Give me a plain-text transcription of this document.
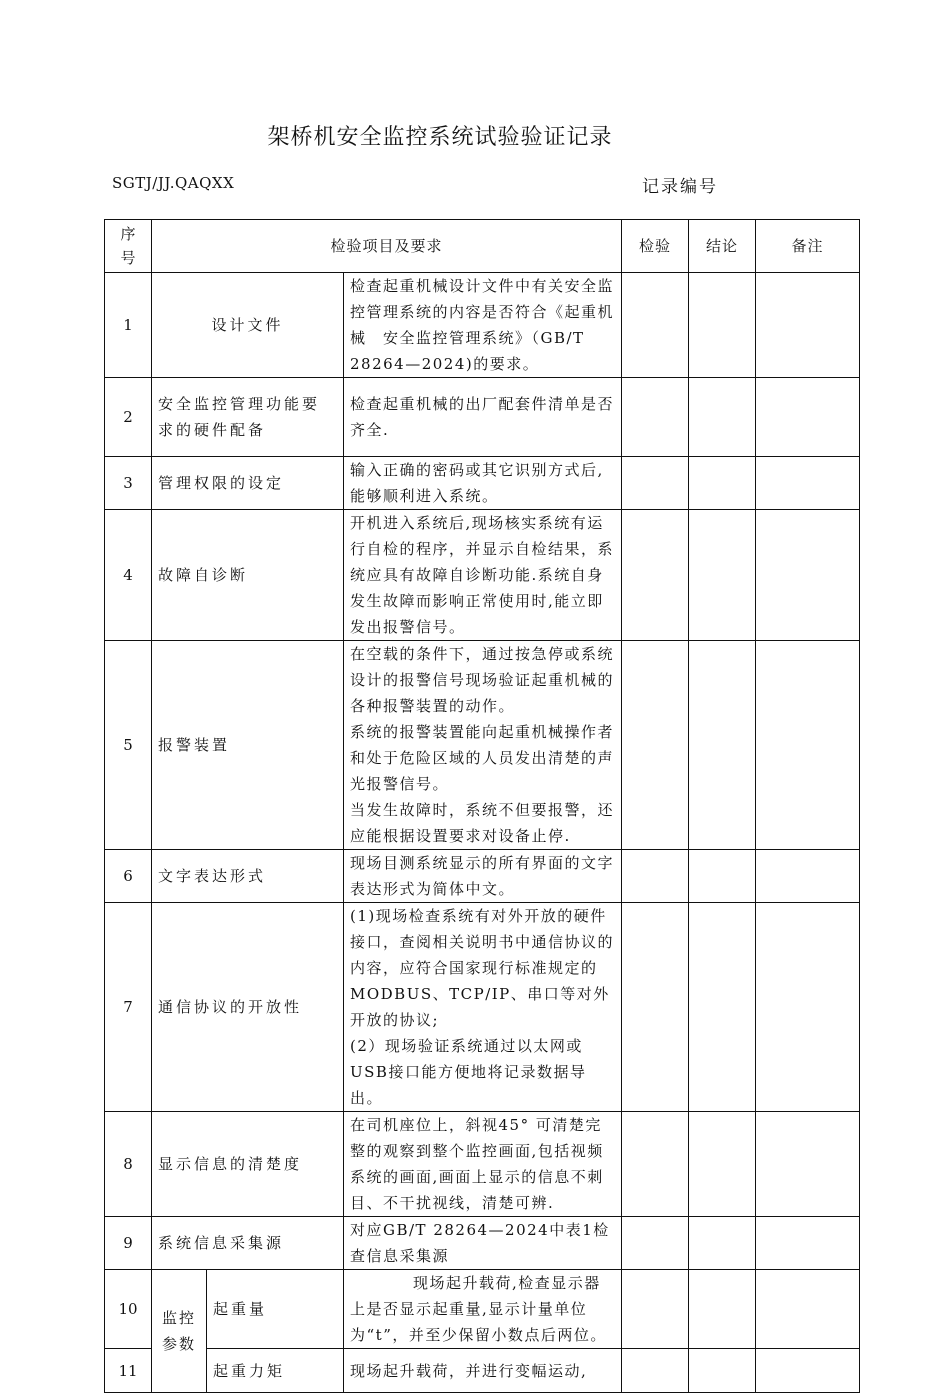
架桥机安全监控系统试验验证记录
SGTJ/JJ.QAQXX	记录编号
序号	检验项目及要求			检验	结论	备注
1	设计文件		检查起重机械设计文件中有关安全监控管理系统的内容是否符合《起重机械　安全监控管理系统》（GB/T 28264—2024)的要求。			

2	安全监控管理功能要求的硬件配备		检查起重机械的出厂配套件清单是否齐全.			

3	管理权限的设定		输入正确的密码或其它识别方式后,能够顺利进入系统。			

4	故障自诊断		开机进入系统后,现场核实系统有运行自检的程序，并显示自检结果，系统应具有故障自诊断功能.系统自身发生故障而影响正常使用时,能立即发出报警信号。			

5	报警装置		在空载的条件下，通过按急停或系统设计的报警信号现场验证起重机械的各种报警装置的动作。
系统的报警装置能向起重机械操作者和处于危险区域的人员发出清楚的声光报警信号。
当发生故障时，系统不但要报警，还应能根据设置要求对设备止停.			

6	文字表达形式		现场目测系统显示的所有界面的文字表达形式为简体中文。			

7	通信协议的开放性		(1)现场检查系统有对外开放的硬件接口，查阅相关说明书中通信协议的内容，应符合国家现行标准规定的MODBUS、TCP/IP、串口等对外开放的协议;
(2）现场验证系统通过以太网或USB接口能方便地将记录数据导出。			

8	显示信息的清楚度		在司机座位上，斜视45° 可清楚完整的观察到整个监控画面,包括视频系统的画面,画面上显示的信息不刺目、不干扰视线，清楚可辨.			

9	系统信息采集源		对应GB/T 28264—2024中表1检查信息采集源			

10	监控参数	起重量	现场起升载荷,检查显示器上是否显示起重量,显示计量单位为“t”，并至少保留小数点后两位。			

11		起重力矩	现场起升载荷，并进行变幅运动,			
